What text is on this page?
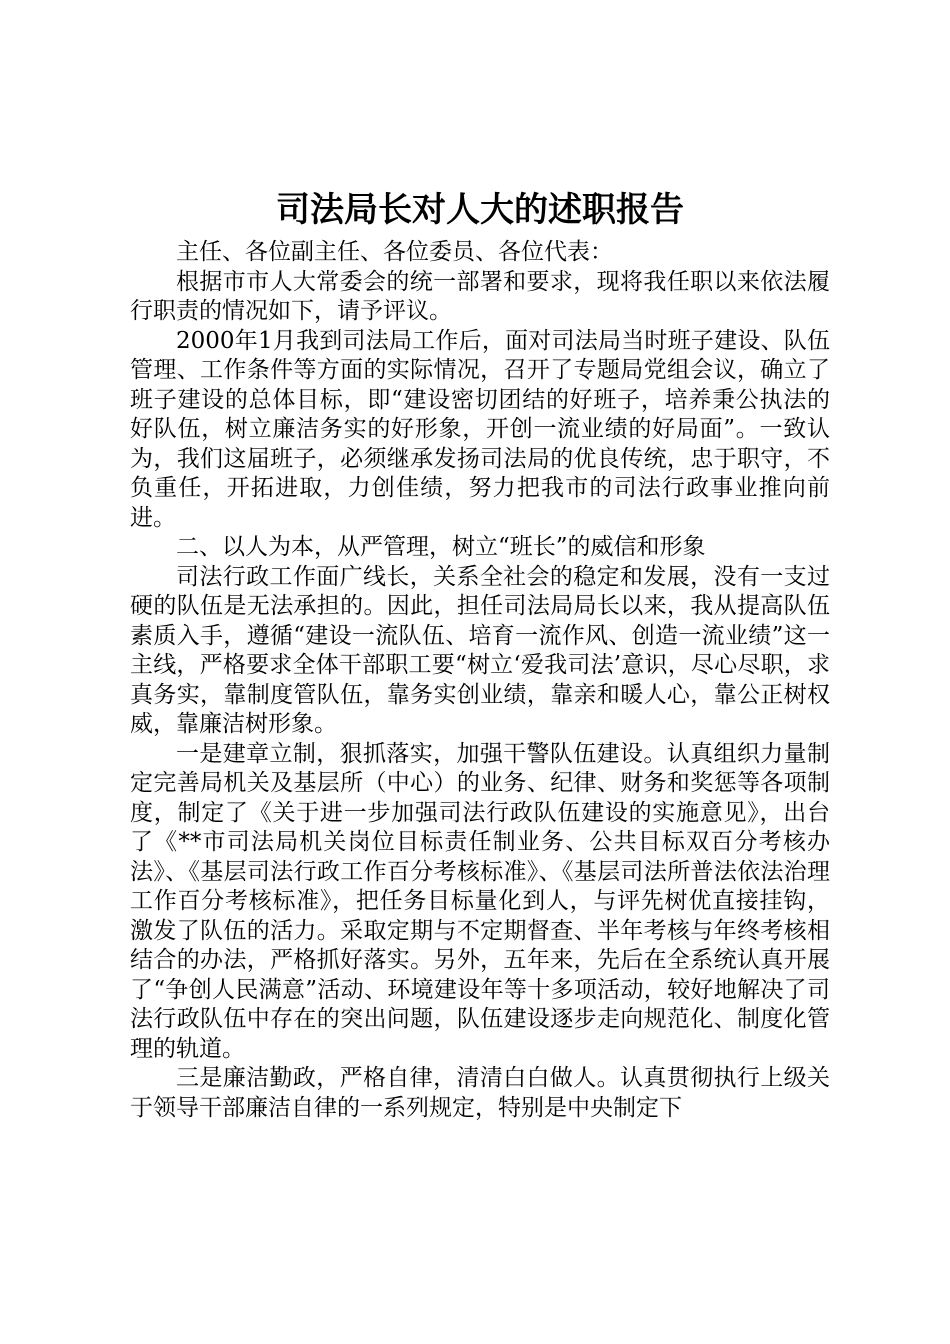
司法局长对人大的述职报告

主任、各位副主任、各位委员、各位代表：

根据市市人大常委会的统一部署和要求，现将我任职以来依法履行职责的情况如下，请予评议。

2000年1月我到司法局工作后，面对司法局当时班子建设、队伍管理、工作条件等方面的实际情况，召开了专题局党组会议，确立了班子建设的总体目标，即“建设密切团结的好班子，培养秉公执法的好队伍，树立廉洁务实的好形象，开创一流业绩的好局面”。一致认为，我们这届班子，必须继承发扬司法局的优良传统，忠于职守，不负重任，开拓进取，力创佳绩，努力把我市的司法行政事业推向前进。

二、以人为本，从严管理，树立“班长”的威信和形象

司法行政工作面广线长，关系全社会的稳定和发展，没有一支过硬的队伍是无法承担的。因此，担任司法局局长以来，我从提高队伍素质入手，遵循“建设一流队伍、培育一流作风、创造一流业绩”这一主线，严格要求全体干部职工要“树立‘爱我司法’意识，尽心尽职，求真务实，靠制度管队伍，靠务实创业绩，靠亲和暖人心，靠公正树权威，靠廉洁树形象。

一是建章立制，狠抓落实，加强干警队伍建设。认真组织力量制定完善局机关及基层所（中心）的业务、纪律、财务和奖惩等各项制度，制定了《关于进一步加强司法行政队伍建设的实施意见》，出台了《**市司法局机关岗位目标责任制业务、公共目标双百分考核办法》、《基层司法行政工作百分考核标准》、《基层司法所普法依法治理工作百分考核标准》，把任务目标量化到人，与评先树优直接挂钩，激发了队伍的活力。采取定期与不定期督查、半年考核与年终考核相结合的办法，严格抓好落实。另外，五年来，先后在全系统认真开展了“争创人民满意”活动、环境建设年等十多项活动，较好地解决了司法行政队伍中存在的突出问题，队伍建设逐步走向规范化、制度化管理的轨道。

三是廉洁勤政，严格自律，清清白白做人。认真贯彻执行上级关于领导干部廉洁自律的一系列规定，特别是中央制定下
